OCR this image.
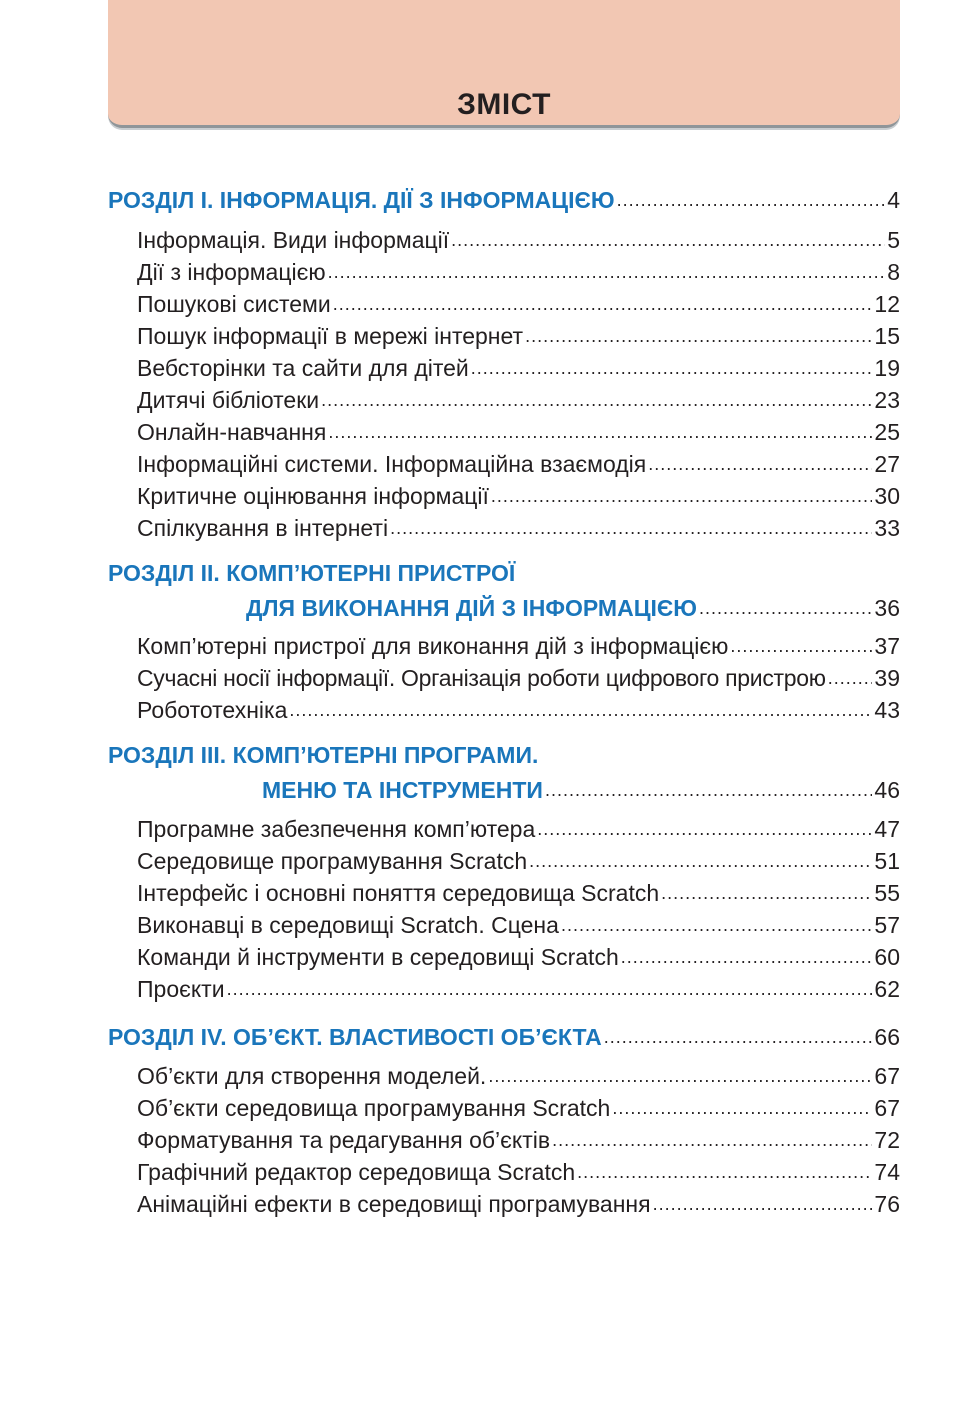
ЗМІСТ
РОЗДІЛ І. ІНФОРМАЦІЯ. ДІЇ З ІНФОРМАЦІЄЮ .....	4
Інформація. Види інформації .....	5
Дії з інформацією .....	8
Пошукові системи .....	12
Пошук інформації в мережі інтернет .....	15
Вебсторінки та сайти для дітей .....	19
Дитячі бібліотеки .....	23
Онлайн-навчання .....	25
Інформаційні системи. Інформаційна взаємодія .....	27
Критичне оцінювання інформації .....	30
Спілкування в інтернеті .....	33
РОЗДІЛ ІІ. КОМП’ЮТЕРНІ ПРИСТРОЇ
ДЛЯ ВИКОНАННЯ ДІЙ З ІНФОРМАЦІЄЮ .....	36
Комп’ютерні пристрої для виконання дій з інформацією .....	37
Сучасні носії інформації. Організація роботи цифрового пристрою ..... 39
Робототехніка .....	43
РОЗДІЛ ІІІ. КОМП’ЮТЕРНІ ПРОГРАМИ.
МЕНЮ ТА ІНСТРУМЕНТИ .....	46
Програмне забезпечення комп’ютера .....	47
Середовище програмування Scratch .....	51
Інтерфейс і основні поняття середовища Scratch .....	55
Виконавці в середовищі Scratch. Сцена .....	57
Команди й інструменти в середовищі Scratch .....	60
Проєкти .....	62
РОЗДІЛ ІV. ОБ’ЄКТ. ВЛАСТИВОСТІ ОБ’ЄКТА .....	66
Об’єкти для створення моделей. .....	67
Об’єкти середовища програмування Scratch .....	67
Форматування та редагування об’єктів .....	72
Графічний редактор середовища Scratch .....	74
Анімаційні ефекти в середовищі програмування .....	76
